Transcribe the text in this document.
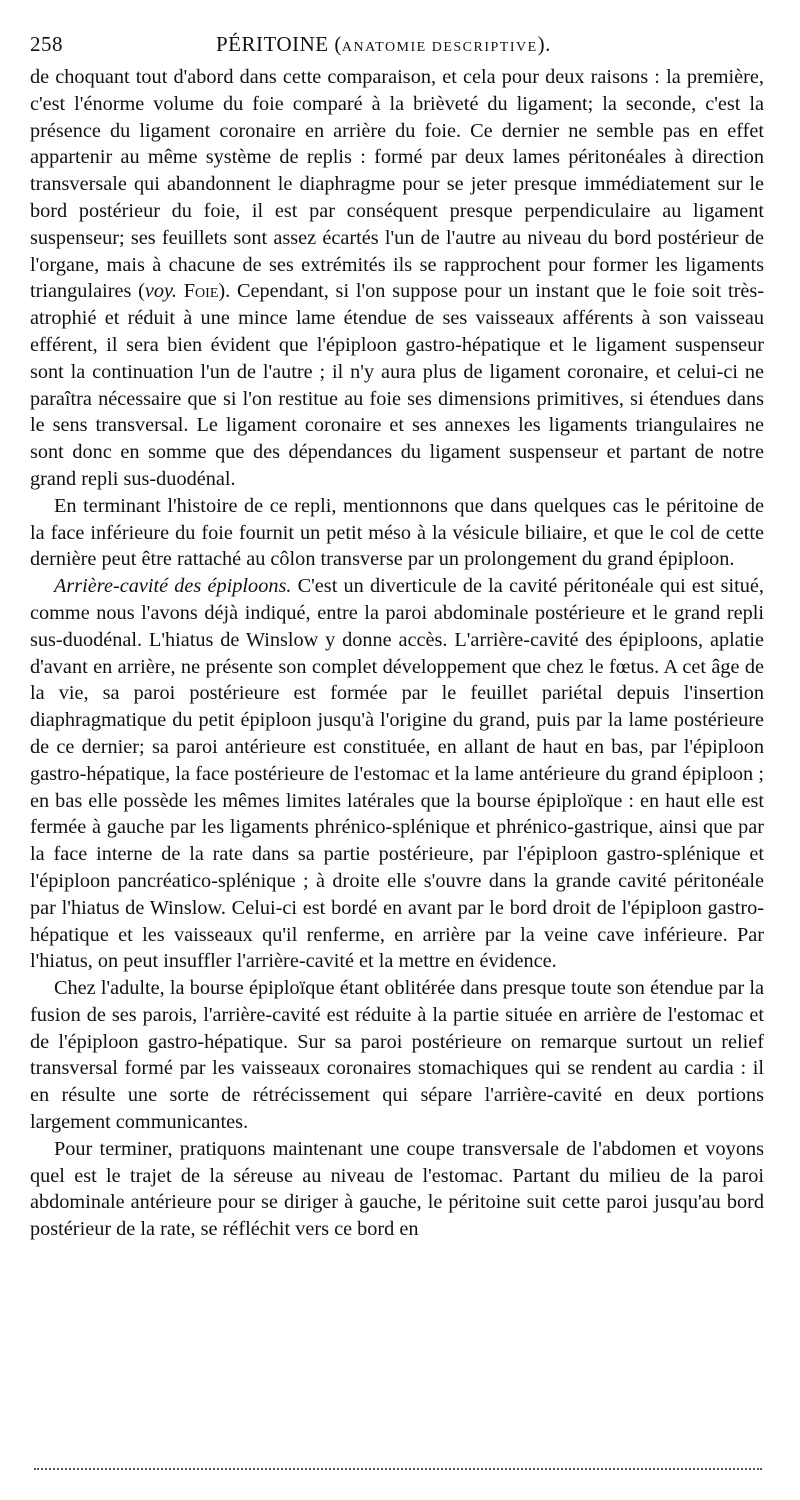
258	PÉRITOINE (ANATOMIE DESCRIPTIVE).

de choquant tout d'abord dans cette comparaison, et cela pour deux raisons : la première, c'est l'énorme volume du foie comparé à la brièveté du ligament; la seconde, c'est la présence du ligament coronaire en arrière du foie. Ce dernier ne semble pas en effet appartenir au même système de replis : formé par deux lames péritonéales à direction transversale qui abandonnent le diaphragme pour se jeter presque immédiatement sur le bord postérieur du foie, il est par conséquent presque perpendiculaire au ligament suspenseur; ses feuillets sont assez écartés l'un de l'autre au niveau du bord postérieur de l'organe, mais à chacune de ses extrémités ils se rapprochent pour former les ligaments triangulaires (voy. Foie). Cependant, si l'on suppose pour un instant que le foie soit très-atrophié et réduit à une mince lame étendue de ses vaisseaux afférents à son vaisseau efférent, il sera bien évident que l'épiploon gastro-hépatique et le ligament suspenseur sont la continuation l'un de l'autre ; il n'y aura plus de ligament coronaire, et celui-ci ne paraîtra nécessaire que si l'on restitue au foie ses dimensions primitives, si étendues dans le sens transversal. Le ligament coronaire et ses annexes les ligaments triangulaires ne sont donc en somme que des dépendances du ligament suspenseur et partant de notre grand repli sus-duodénal.

En terminant l'histoire de ce repli, mentionnons que dans quelques cas le péritoine de la face inférieure du foie fournit un petit méso à la vésicule biliaire, et que le col de cette dernière peut être rattaché au côlon transverse par un prolongement du grand épiploon.

Arrière-cavité des épiploons. C'est un diverticule de la cavité péritonéale qui est situé, comme nous l'avons déjà indiqué, entre la paroi abdominale postérieure et le grand repli sus-duodénal. L'hiatus de Winslow y donne accès. L'arrière-cavité des épiploons, aplatie d'avant en arrière, ne présente son complet développement que chez le fœtus. A cet âge de la vie, sa paroi postérieure est formée par le feuillet pariétal depuis l'insertion diaphragmatique du petit épiploon jusqu'à l'origine du grand, puis par la lame postérieure de ce dernier; sa paroi antérieure est constituée, en allant de haut en bas, par l'épiploon gastro-hépatique, la face postérieure de l'estomac et la lame antérieure du grand épiploon ; en bas elle possède les mêmes limites latérales que la bourse épiploïque : en haut elle est fermée à gauche par les ligaments phrénico-splénique et phrénico-gastrique, ainsi que par la face interne de la rate dans sa partie postérieure, par l'épiploon gastro-splénique et l'épiploon pancréatico-splénique ; à droite elle s'ouvre dans la grande cavité péritonéale par l'hiatus de Winslow. Celui-ci est bordé en avant par le bord droit de l'épiploon gastro-hépatique et les vaisseaux qu'il renferme, en arrière par la veine cave inférieure. Par l'hiatus, on peut insuffler l'arrière-cavité et la mettre en évidence.

Chez l'adulte, la bourse épiploïque étant oblitérée dans presque toute son étendue par la fusion de ses parois, l'arrière-cavité est réduite à la partie située en arrière de l'estomac et de l'épiploon gastro-hépatique. Sur sa paroi postérieure on remarque surtout un relief transversal formé par les vaisseaux coronaires stomachiques qui se rendent au cardia : il en résulte une sorte de rétrécissement qui sépare l'arrière-cavité en deux portions largement communicantes.

Pour terminer, pratiquons maintenant une coupe transversale de l'abdomen et voyons quel est le trajet de la séreuse au niveau de l'estomac. Partant du milieu de la paroi abdominale antérieure pour se diriger à gauche, le péritoine suit cette paroi jusqu'au bord postérieur de la rate, se réfléchit vers ce bord en
